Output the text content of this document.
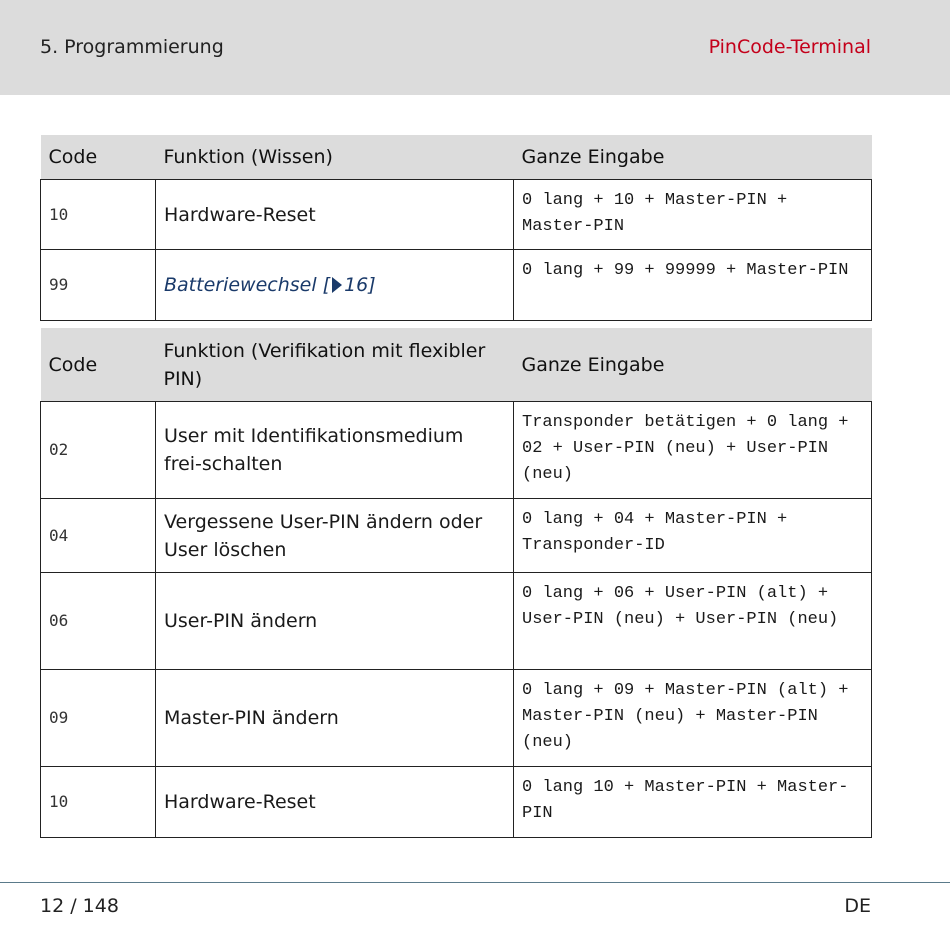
5. Programmierung	PinCode-Terminal
Code	Funktion (Wissen)	Ganze Eingabe
10	Hardware-Reset	0 lang + 10 + Master-PIN + Master-PIN
99	Batteriewechsel [ 16]	0 lang + 99 + 99999 + Master-PIN
Code	Funktion (Verifikation mit flexibler PIN)	Ganze Eingabe
02	User mit Identifikationsmedium frei-schalten	Transponder betätigen + 0 lang + 02 + User-PIN (neu) + User-PIN (neu)
04	Vergessene User-PIN ändern oder User löschen	0 lang + 04 + Master-PIN + Transponder-ID
06	User-PIN ändern	0 lang + 06 + User-PIN (alt) + User-PIN (neu) + User-PIN (neu)
09	Master-PIN ändern	0 lang + 09 + Master-PIN (alt) + Master-PIN (neu) + Master-PIN (neu)
10	Hardware-Reset	0 lang 10 + Master-PIN + Master-PIN
12 / 148	DE
